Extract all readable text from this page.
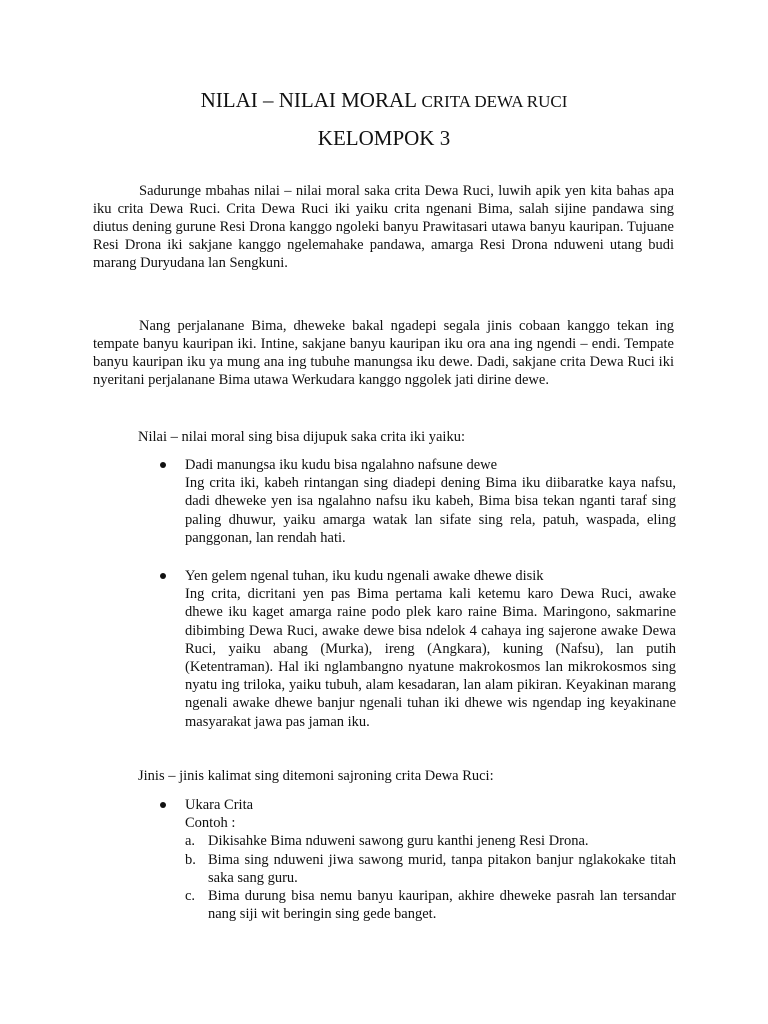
NILAI – NILAI MORAL CRITA DEWA RUCI
KELOMPOK 3

Sadurunge mbahas nilai – nilai moral saka crita Dewa Ruci, luwih apik yen kita bahas apa iku crita Dewa Ruci. Crita Dewa Ruci iki yaiku crita ngenani Bima, salah sijine pandawa sing diutus dening gurune Resi Drona kanggo ngoleki banyu Prawitasari utawa banyu kauripan. Tujuane Resi Drona iki sakjane kanggo ngelemahake pandawa, amarga Resi Drona nduweni utang budi marang Duryudana lan Sengkuni.

Nang perjalanane Bima, dheweke bakal ngadepi segala jinis cobaan kanggo tekan ing tempate banyu kauripan iki. Intine, sakjane banyu kauripan iku ora ana ing ngendi – endi. Tempate banyu kauripan iku ya mung ana ing tubuhe manungsa iku dewe. Dadi, sakjane crita Dewa Ruci iki nyeritani perjalanane Bima utawa Werkudara kanggo nggolek jati dirine dewe.

Nilai – nilai moral sing bisa dijupuk saka crita iki yaiku:

Dadi manungsa iku kudu bisa ngalahno nafsune dewe

Ing crita iki, kabeh rintangan sing diadepi dening Bima iku diibaratke kaya nafsu, dadi dheweke yen isa ngalahno nafsu iku kabeh, Bima bisa tekan nganti taraf sing paling dhuwur, yaiku amarga watak lan sifate sing rela, patuh, waspada, eling panggonan, lan rendah hati.

Yen gelem ngenal tuhan, iku kudu ngenali awake dhewe disik

Ing crita, dicritani yen pas Bima pertama kali ketemu karo Dewa Ruci, awake dhewe iku kaget amarga raine podo plek karo raine Bima. Maringono, sakmarine dibimbing Dewa Ruci, awake dewe bisa ndelok 4 cahaya ing sajerone awake Dewa Ruci, yaiku abang (Murka), ireng (Angkara), kuning (Nafsu), lan putih (Ketentraman). Hal iki nglambangno nyatune makrokosmos lan mikrokosmos sing nyatu ing triloka, yaiku tubuh, alam kesadaran, lan alam pikiran. Keyakinan marang ngenali awake dhewe banjur ngenali tuhan iki dhewe wis ngendap ing keyakinane masyarakat jawa pas jaman iku.

Jinis – jinis kalimat sing ditemoni sajroning crita Dewa Ruci:

Ukara Crita

Contoh :

a. Dikisahke Bima nduweni sawong guru kanthi jeneng Resi Drona.

b. Bima sing nduweni jiwa sawong murid, tanpa pitakon banjur nglakokake titah saka sang guru.

c. Bima durung bisa nemu banyu kauripan, akhire dheweke pasrah lan tersandar nang siji wit beringin sing gede banget.
